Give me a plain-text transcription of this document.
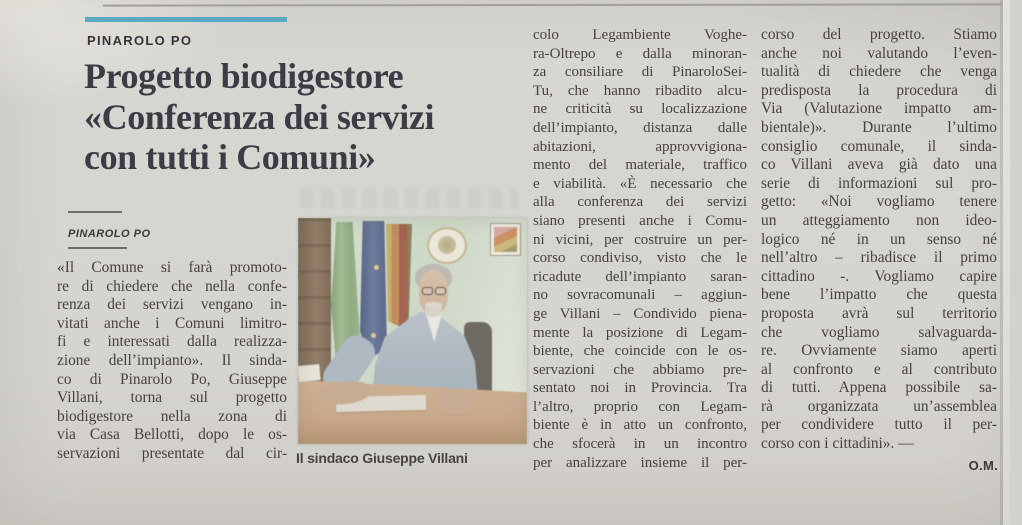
PINAROLO PO
Progetto biodigestore
«Conferenza dei servizi
con tutti i Comuni»
PINAROLO PO
«Il Comune si farà promoto-
re di chiedere che nella confe-
renza dei servizi vengano in-
vitati anche i Comuni limitro-
fi e interessati dalla realizza-
zione dell’impianto». Il sinda-
co di Pinarolo Po, Giuseppe
Villani, torna sul progetto
biodigestore nella zona di
via Casa Bellotti, dopo le os-
servazioni presentate dal cir-
colo Legambiente Voghe-
ra-Oltrepo e dalla minoran-
za consiliare di PinaroloSei-
Tu, che hanno ribadito alcu-
ne criticità su localizzazione
dell’impianto, distanza dalle
abitazioni, approvvigiona-
mento del materiale, traffico
e viabilità. «È necessario che
alla conferenza dei servizi
siano presenti anche i Comu-
ni vicini, per costruire un per-
corso condiviso, visto che le
ricadute dell’impianto saran-
no sovracomunali – aggiun-
ge Villani – Condivido piena-
mente la posizione di Legam-
biente, che coincide con le os-
servazioni che abbiamo pre-
sentato noi in Provincia. Tra
l’altro, proprio con Legam-
biente è in atto un confronto,
che sfocerà in un incontro
per analizzare insieme il per-
corso del progetto. Stiamo
anche noi valutando l’even-
tualità di chiedere che venga
predisposta la procedura di
Via (Valutazione impatto am-
bientale)». Durante l’ultimo
consiglio comunale, il sinda-
co Villani aveva già dato una
serie di informazioni sul pro-
getto: «Noi vogliamo tenere
un atteggiamento non ideo-
logico né in un senso né
nell’altro – ribadisce il primo
cittadino -. Vogliamo capire
bene l’impatto che questa
proposta avrà sul territorio
che vogliamo salvaguarda-
re. Ovviamente siamo aperti
al confronto e al contributo
di tutti. Appena possibile sa-
rà organizzata un’assemblea
per condividere tutto il per-
corso con i cittadini». —
O.M.
Il sindaco Giuseppe Villani
